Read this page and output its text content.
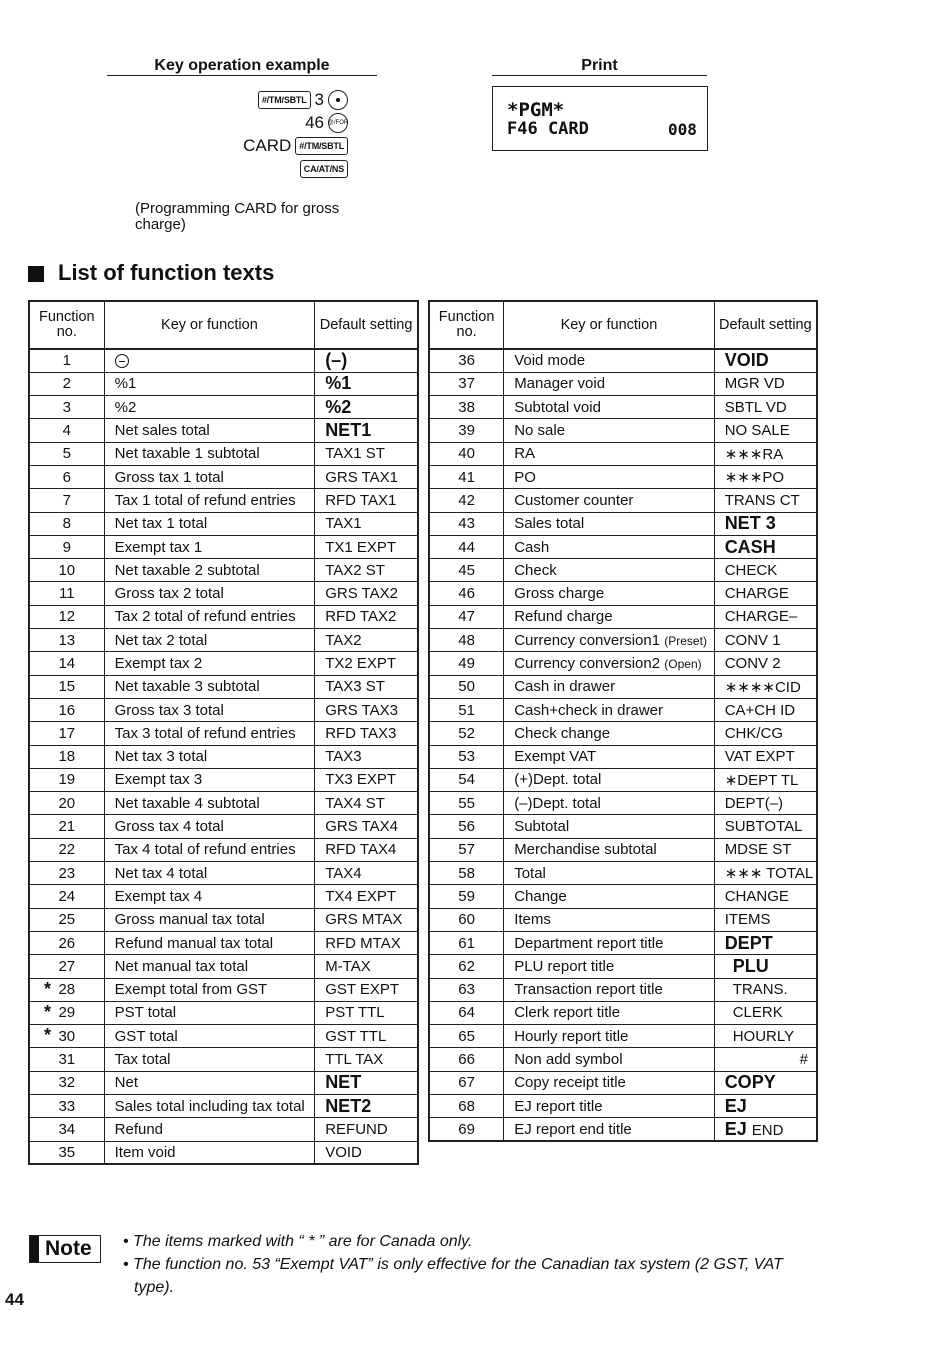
Key operation example
#/TM/SBTL 3
46 @/FOR
CARD #/TM/SBTL
CA/AT/NS
(Programming CARD for gross charge)
Print
*PGM*
F46 CARD	008
List of function texts
Function no.	Key or function	Default setting
1		(–)
2	%1	%1
3	%2	%2
4	Net sales total	NET1
5	Net taxable 1 subtotal	TAX1 ST
6	Gross tax 1 total	GRS TAX1
7	Tax 1 total of refund entries	RFD TAX1
8	Net tax 1 total	TAX1
9	Exempt tax 1	TX1 EXPT
10	Net taxable 2 subtotal	TAX2 ST
11	Gross tax 2 total	GRS TAX2
12	Tax 2 total of refund entries	RFD TAX2
13	Net tax 2 total	TAX2
14	Exempt tax 2	TX2 EXPT
15	Net taxable 3 subtotal	TAX3 ST
16	Gross tax 3 total	GRS TAX3
17	Tax 3 total of refund entries	RFD TAX3
18	Net tax 3 total	TAX3
19	Exempt tax 3	TX3 EXPT
20	Net taxable 4 subtotal	TAX4 ST
21	Gross tax 4 total	GRS TAX4
22	Tax 4 total of refund entries	RFD TAX4
23	Net tax 4 total	TAX4
24	Exempt tax 4	TX4 EXPT
25	Gross manual tax total	GRS MTAX
26	Refund manual tax total	RFD MTAX
27	Net manual tax total	M-TAX

* 28	Exempt total from GST	GST EXPT

* 29	PST total	PST TTL

* 30	GST total	GST TTL
31	Tax total	TTL TAX
32	Net	NET
33	Sales total including tax total	NET2
34	Refund	REFUND
35	Item void	VOID
Function no.	Key or function	Default setting
36	Void mode	VOID
37	Manager void	MGR VD
38	Subtotal void	SBTL VD
39	No sale	NO SALE
40	RA	∗∗∗RA
41	PO	∗∗∗PO
42	Customer counter	TRANS CT
43	Sales total	NET 3
44	Cash	CASH
45	Check	CHECK
46	Gross charge	CHARGE
47	Refund charge	CHARGE–
48	Currency conversion1 (Preset)	CONV 1
49	Currency conversion2 (Open)	CONV 2
50	Cash in drawer	∗∗∗∗CID
51	Cash+check in drawer	CA+CH ID
52	Check change	CHK/CG
53	Exempt VAT	VAT EXPT
54	(+)Dept. total	∗DEPT TL
55	(–)Dept. total	DEPT(–)
56	Subtotal	SUBTOTAL
57	Merchandise subtotal	MDSE ST
58	Total	∗∗∗ TOTAL
59	Change	CHANGE
60	Items	ITEMS
61	Department report title	DEPT
62	PLU report title	PLU
63	Transaction report title	TRANS.
64	Clerk report title	CLERK
65	Hourly report title	HOURLY
66	Non add symbol	#
67	Copy receipt title	COPY
68	EJ report title	EJ
69	EJ report end title	EJ END
Note	• The items marked with “ * ” are for Canada only.
• The function no. 53 “Exempt VAT” is only effective for the Canadian tax system (2 GST, VAT
type).
44
